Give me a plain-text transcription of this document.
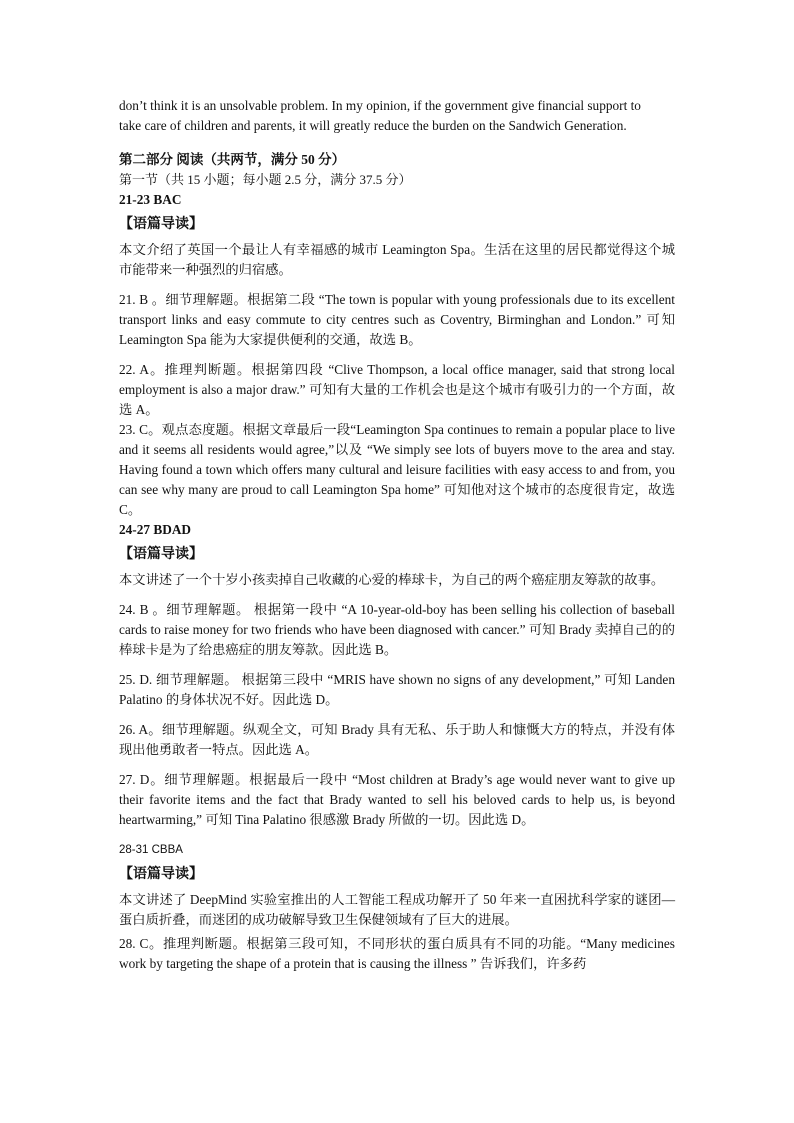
don’t think it is an unsolvable problem. In my opinion, if the government give financial support to

take care of children and parents, it will greatly reduce the burden on the Sandwich Generation.

第二部分 阅读（共两节，满分 50 分）

第一节（共 15 小题；每小题 2.5 分，满分 37.5 分）

21-23 BAC

【语篇导读】

本文介绍了英国一个最让人有幸福感的城市 Leamington Spa。生活在这里的居民都觉得这个城市能带来一种强烈的归宿感。

21. B 。细节理解题。根据第二段 “The town is popular with young professionals due to its excellent transport links and easy commute to city centres such as Coventry, Birminghan and London.” 可知 Leamington Spa 能为大家提供便利的交通，故选 B。

22. A。推理判断题。根据第四段 “Clive Thompson, a local office manager, said that strong local employment is also a major draw.” 可知有大量的工作机会也是这个城市有吸引力的一个方面，故选 A。

23. C。观点态度题。根据文章最后一段“Leamington Spa continues to remain a popular place to live and it seems all residents would agree,”以及 “We simply see lots of buyers move to the area and stay. Having found a town which offers many cultural and leisure facilities with easy access to and from, you can see why many are proud to call Leamington Spa home” 可知他对这个城市的态度很肯定，故选 C。

24-27 BDAD

【语篇导读】

本文讲述了一个十岁小孩卖掉自己收藏的心爱的棒球卡，为自己的两个癌症朋友筹款的故事。

24. B 。细节理解题。 根据第一段中 “A 10-year-old-boy has been selling his collection of baseball cards to raise money for two friends who have been diagnosed with cancer.” 可知 Brady 卖掉自己的的棒球卡是为了给患癌症的朋友筹款。因此选 B。

25. D. 细节理解题。 根据第三段中 “MRIS have shown no signs of any development,” 可知 Landen Palatino 的身体状况不好。因此选 D。

26. A。细节理解题。纵观全文，可知 Brady 具有无私、乐于助人和慷慨大方的特点，并没有体现出他勇敢者一特点。因此选 A。

27. D。细节理解题。根据最后一段中 “Most children at Brady’s age would never want to give up their favorite items and the fact that Brady wanted to sell his beloved cards to help us, is beyond heartwarming,” 可知 Tina Palatino 很感激 Brady 所做的一切。因此选 D。

28-31 CBBA

【语篇导读】

本文讲述了 DeepMind 实验室推出的人工智能工程成功解开了 50 年来一直困扰科学家的谜团—蛋白质折叠，而迷团的成功破解导致卫生保健领域有了巨大的进展。

28. C。推理判断题。根据第三段可知，不同形状的蛋白质具有不同的功能。“Many medicines work by targeting the shape of a protein that is causing the illness ” 告诉我们，许多药
